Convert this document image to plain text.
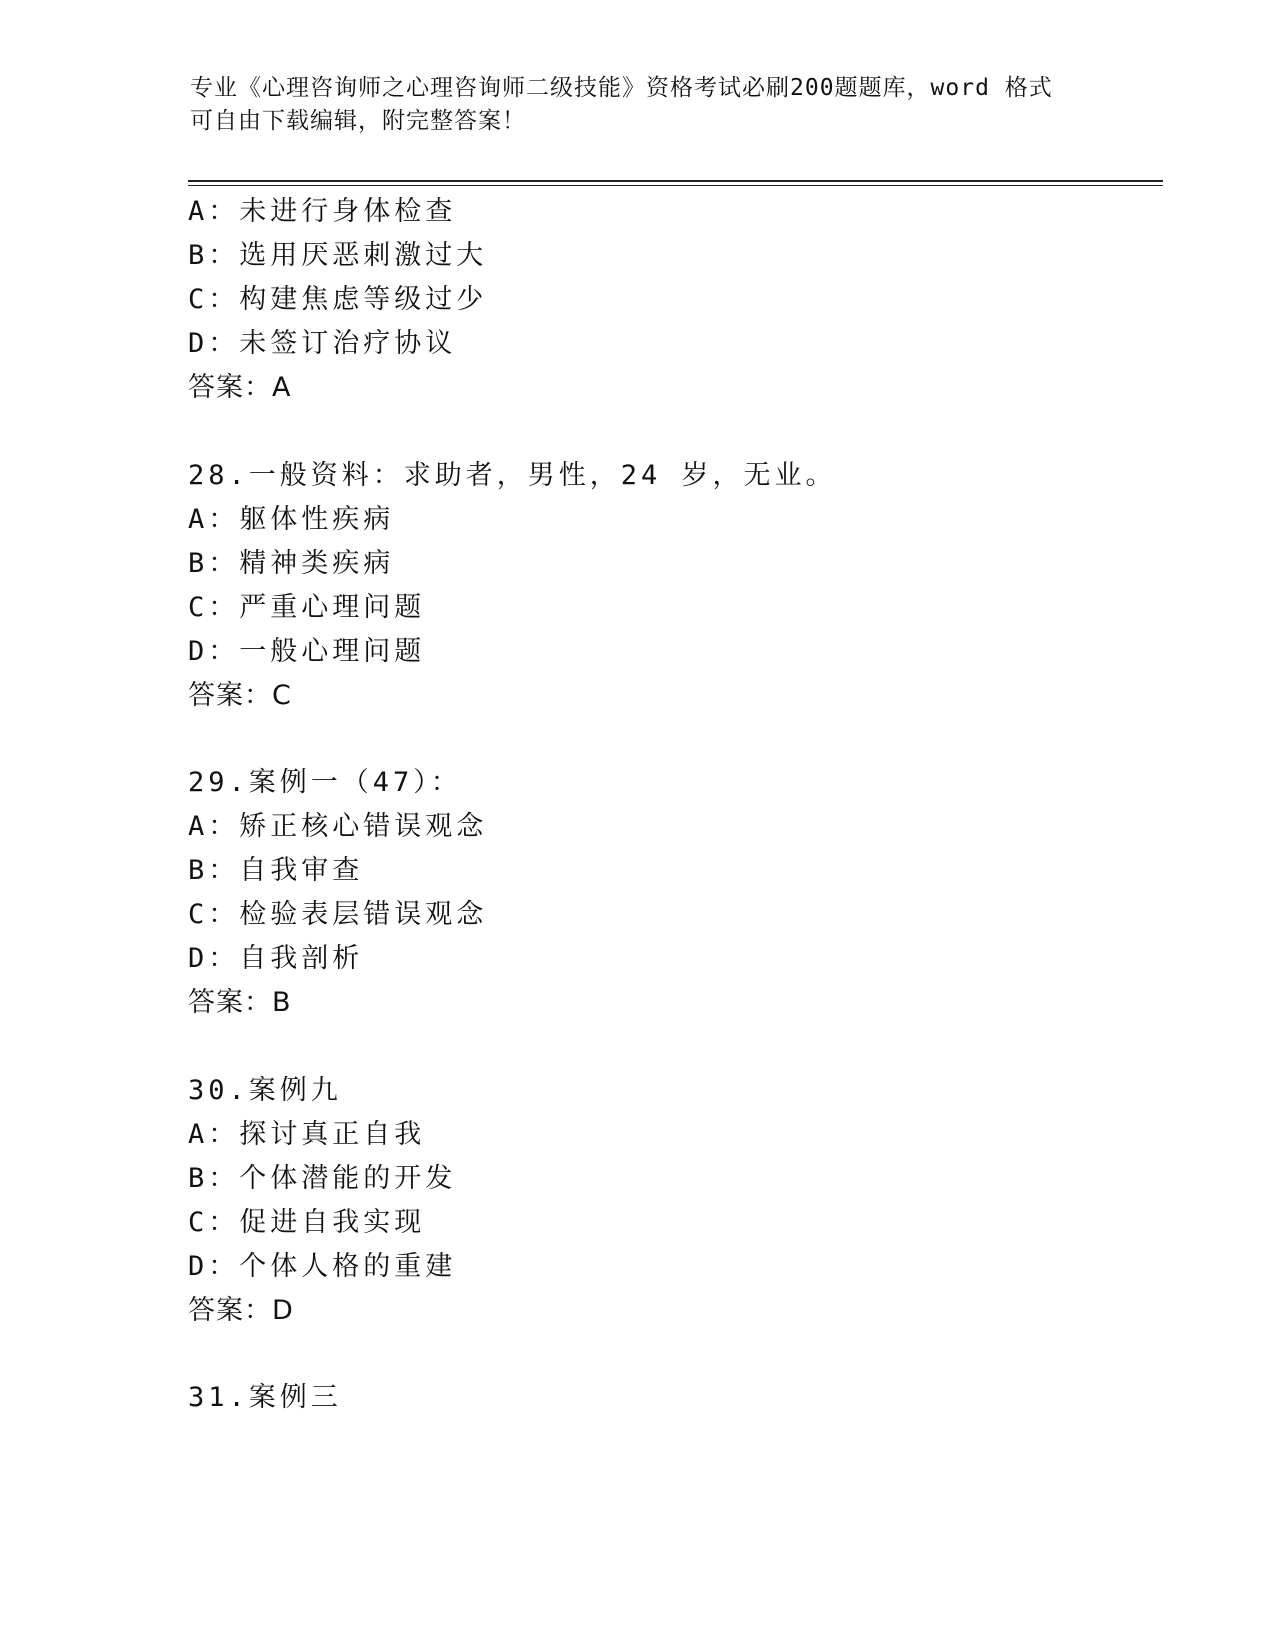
专业《心理咨询师之心理咨询师二级技能》资格考试必刷200题题库，word 格式
可自由下载编辑，附完整答案！
A：未进行身体检查
B：选用厌恶刺激过大
C：构建焦虑等级过少
D：未签订治疗协议
答案：A
28.一般资料：求助者，男性，24 岁，无业。
A：躯体性疾病
B：精神类疾病
C：严重心理问题
D：一般心理问题
答案：C
29.案例一（47）：
A：矫正核心错误观念
B：自我审查
C：检验表层错误观念
D：自我剖析
答案：B
30.案例九
A：探讨真正自我
B：个体潜能的开发
C：促进自我实现
D：个体人格的重建
答案：D
31.案例三
